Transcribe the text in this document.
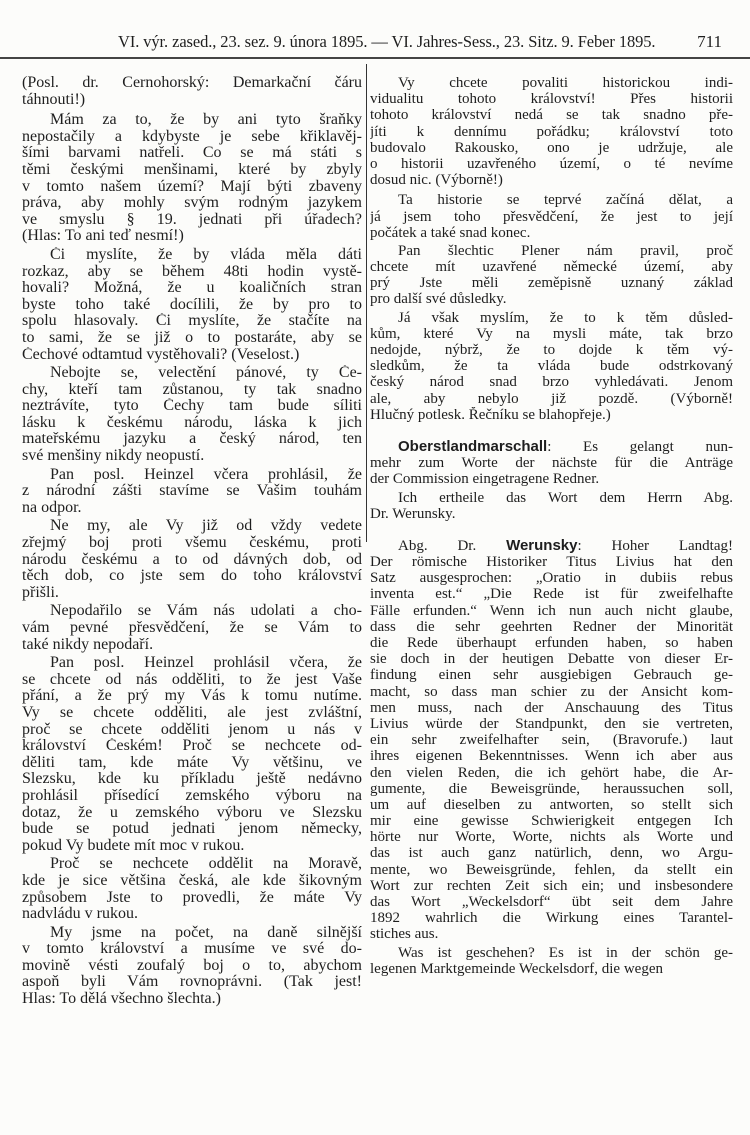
VI. výr. zased., 23. sez. 9. února 1895. — VI. Jahres-Sess., 23. Sitz. 9. Feber 1895. 711
(Posl. dr. Cernohorský: Demarkační čáru
táhnouti!)
Mám za to, že by ani tyto šraňky
nepostačily a kdybyste je sebe křiklavěj-
šími barvami natřeli. Co se má státi s
těmi českými menšinami, které by zbyly
v tomto našem území? Mají býti zbaveny
práva, aby mohly svým rodným jazykem
ve smyslu § 19. jednati při úřadech?
(Hlas: To ani teď nesmí!)
Či myslíte, že by vláda měla dáti
rozkaz, aby se během 48ti hodin vystě-
hovali? Možná, že u koaličních stran
byste toho také docílili, že by pro to
spolu hlasovaly. Či myslíte, že stačíte na
to sami, že se již o to postaráte, aby se
Čechové odtamtud vystěhovali? (Veselost.)
Nebojte se, velectění pánové, ty Če-
chy, kteří tam zůstanou, ty tak snadno
neztrávíte, tyto Čechy tam bude síliti
lásku k českému národu, láska k jich
mateřskému jazyku a český národ, ten
své menšiny nikdy neopustí.
Pan posl. Heinzel včera prohlásil, že
z národní zášti stavíme se Vašim touhám
na odpor.
Ne my, ale Vy již od vždy vedete
zřejmý boj proti všemu českému, proti
národu českému a to od dávných dob, od
těch dob, co jste sem do toho království
přišli.
Nepodařilo se Vám nás udolati a cho-
vám pevné přesvědčení, že se Vám to
také nikdy nepodaří.
Pan posl. Heinzel prohlásil včera, že
se chcete od nás odděliti, to že jest Vaše
přání, a že prý my Vás k tomu nutíme.
Vy se chcete odděliti, ale jest zvláštní,
proč se chcete odděliti jenom u nás v
království Českém! Proč se nechcete od-
děliti tam, kde máte Vy většinu, ve
Slezsku, kde ku příkladu ještě nedávno
prohlásil přísedící zemského výboru na
dotaz, že u zemského výboru ve Slezsku
bude se potud jednati jenom německy,
pokud Vy budete mít moc v rukou.
Proč se nechcete oddělit na Moravě,
kde je sice většina česká, ale kde šikovným
způsobem Jste to provedli, že máte Vy
nadvládu v rukou.
My jsme na počet, na daně silnější
v tomto království a musíme ve své do-
movině vésti zoufalý boj o to, abychom
aspoň byli Vám rovnoprávni. (Tak jest!
Hlas: To dělá všechno šlechta.)
Vy chcete povaliti historickou indi-
vidualitu tohoto království! Přes historii
tohoto království nedá se tak snadno pře-
jíti k dennímu pořádku; království toto
budovalo Rakousko, ono je udržuje, ale
o historii uzavřeného území, o té nevíme
dosud nic. (Výborně!)
Ta historie se teprvé začíná dělat, a
já jsem toho přesvědčení, že jest to její
počátek a také snad konec.
Pan šlechtic Plener nám pravil, proč
chcete mít uzavřené německé území, aby
prý Jste měli zeměpisně uznaný základ
pro další své důsledky.
Já však myslím, že to k těm důsled-
kům, které Vy na mysli máte, tak brzo
nedojde, nýbrž, že to dojde k těm vý-
sledkům, že ta vláda bude odstrkovaný
český národ snad brzo vyhledávati. Jenom
ale, aby nebylo již pozdě. (Výborně!
Hlučný potlesk. Řečníku se blahopřeje.)
Oberstlandmarschall: Es gelangt nun-
mehr zum Worte der nächste für die Anträge
der Commission eingetragene Redner.
Ich ertheile das Wort dem Herrn Abg.
Dr. Werunsky.
Abg. Dr. Werunsky: Hoher Landtag!
Der römische Historiker Titus Livius hat den
Satz ausgesprochen: „Oratio in dubiis rebus
inventa est.“ „Die Rede ist für zweifelhafte
Fälle erfunden.“ Wenn ich nun auch nicht glaube,
dass die sehr geehrten Redner der Minorität
die Rede überhaupt erfunden haben, so haben
sie doch in der heutigen Debatte von dieser Er-
findung einen sehr ausgiebigen Gebrauch ge-
macht, so dass man schier zu der Ansicht kom-
men muss, nach der Anschauung des Titus
Livius würde der Standpunkt, den sie vertreten,
ein sehr zweifelhafter sein, (Bravorufe.) laut
ihres eigenen Bekenntnisses. Wenn ich aber aus
den vielen Reden, die ich gehört habe, die Ar-
gumente, die Beweisgründe, heraussuchen soll,
um auf dieselben zu antworten, so stellt sich
mir eine gewisse Schwierigkeit entgegen Ich
hörte nur Worte, Worte, nichts als Worte und
das ist auch ganz natürlich, denn, wo Argu-
mente, wo Beweisgründe, fehlen, da stellt ein
Wort zur rechten Zeit sich ein; und insbesondere
das Wort „Weckelsdorf“ übt seit dem Jahre
1892 wahrlich die Wirkung eines Tarantel-
stiches aus.
Was ist geschehen? Es ist in der schön ge-
legenen Marktgemeinde Weckelsdorf, die wegen
